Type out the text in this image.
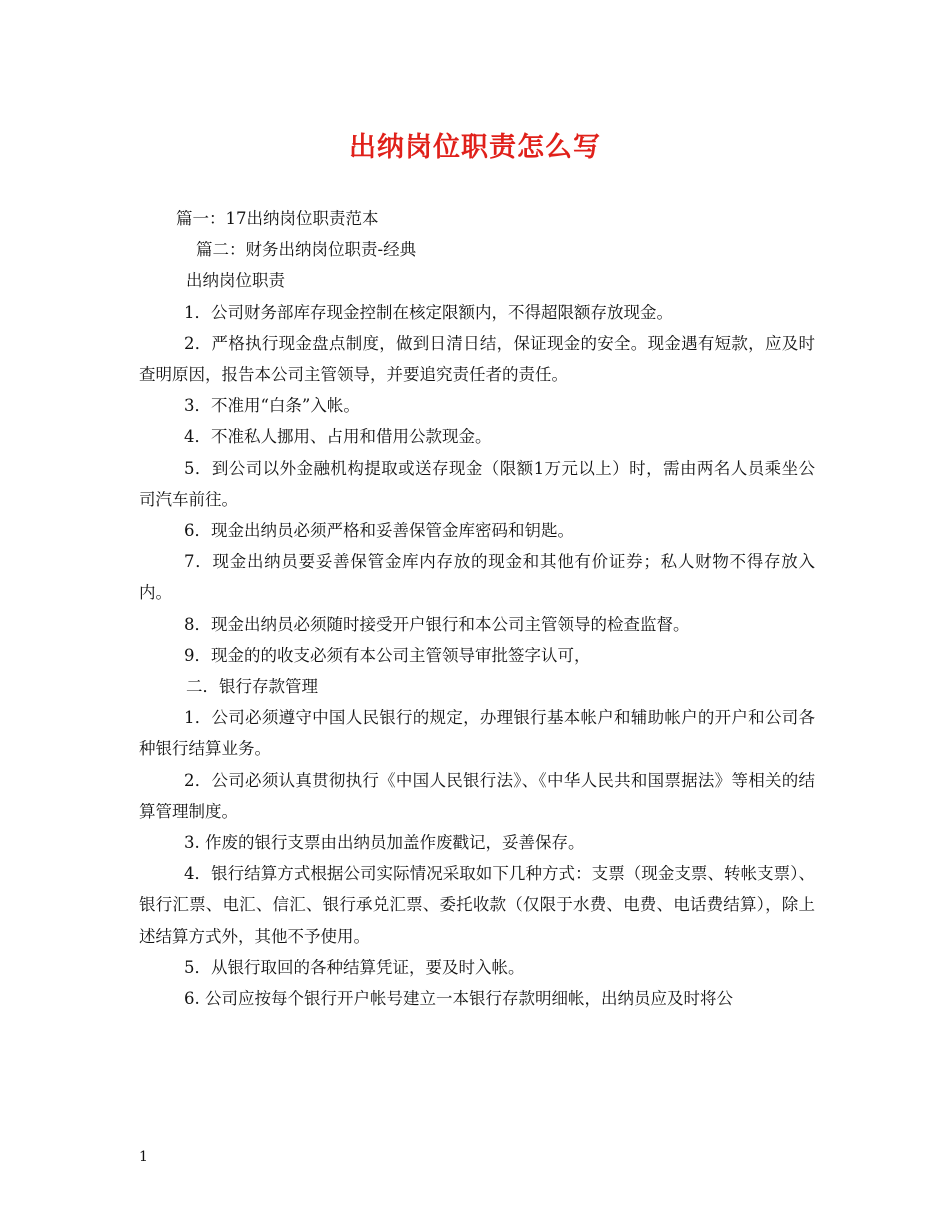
出纳岗位职责怎么写

篇一：17出纳岗位职责范本

篇二：财务出纳岗位职责-经典

出纳岗位职责

1．公司财务部库存现金控制在核定限额内，不得超限额存放现金。

2．严格执行现金盘点制度，做到日清日结，保证现金的安全。现金遇有短款，应及时查明原因，报告本公司主管领导，并要追究责任者的责任。

3．不准用“白条”入帐。

4．不准私人挪用、占用和借用公款现金。

5．到公司以外金融机构提取或送存现金（限额1万元以上）时，需由两名人员乘坐公司汽车前往。

6．现金出纳员必须严格和妥善保管金库密码和钥匙。

7．现金出纳员要妥善保管金库内存放的现金和其他有价证券；私人财物不得存放入内。

8．现金出纳员必须随时接受开户银行和本公司主管领导的检查监督。

9．现金的的收支必须有本公司主管领导审批签字认可，

二．银行存款管理

1．公司必须遵守中国人民银行的规定，办理银行基本帐户和辅助帐户的开户和公司各种银行结算业务。

2．公司必须认真贯彻执行《中国人民银行法》、《中华人民共和国票据法》等相关的结算管理制度。

3. 作废的银行支票由出纳员加盖作废戳记，妥善保存。

4．银行结算方式根据公司实际情况采取如下几种方式：支票（现金支票、转帐支票）、银行汇票、电汇、信汇、银行承兑汇票、委托收款（仅限于水费、电费、电话费结算），除上述结算方式外，其他不予使用。

5．从银行取回的各种结算凭证，要及时入帐。

6. 公司应按每个银行开户帐号建立一本银行存款明细帐，出纳员应及时将公

1
